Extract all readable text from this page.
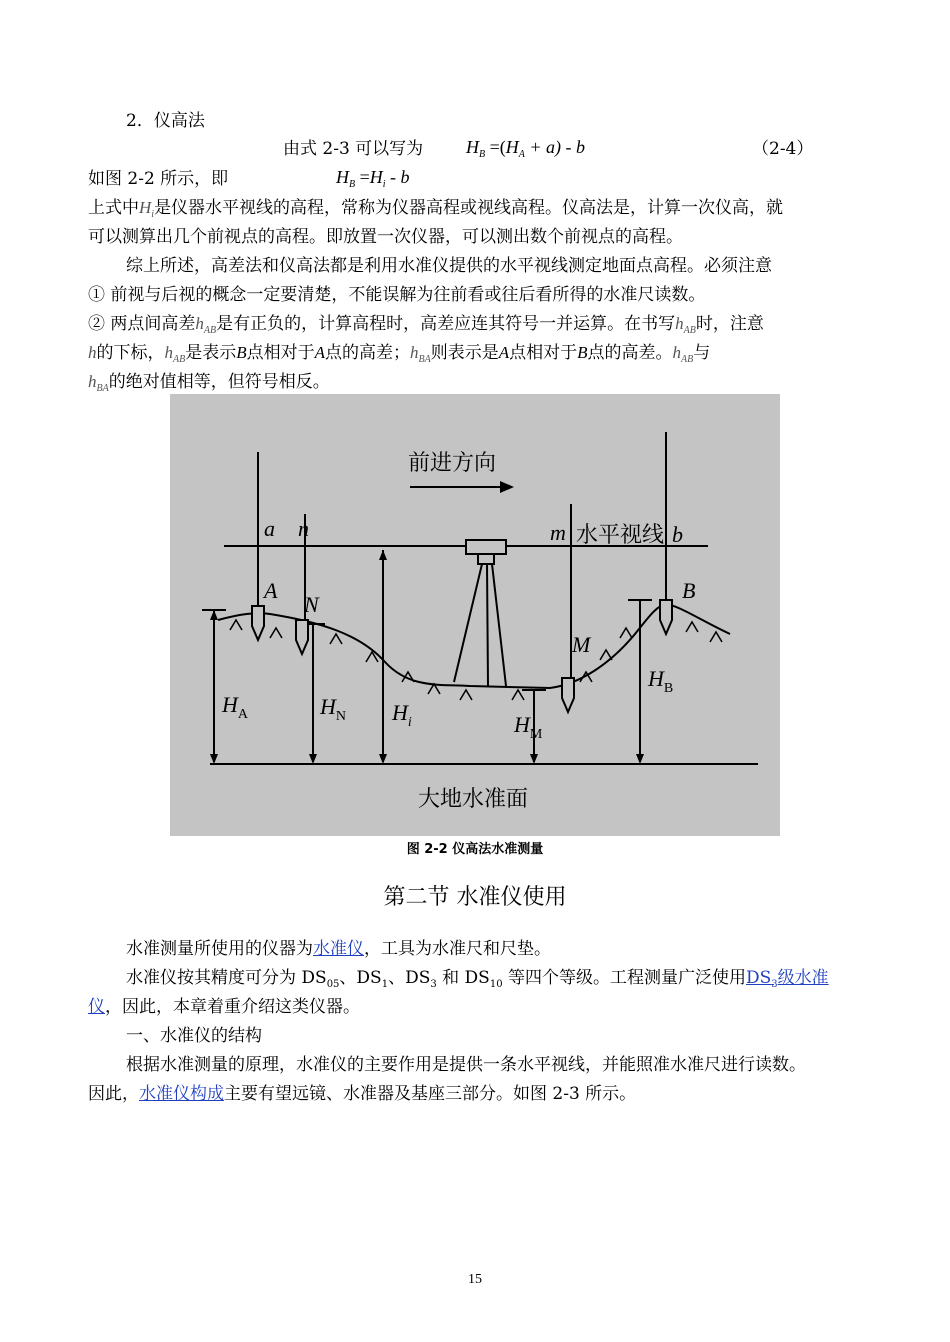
2．仪高法
由式 2-3 可以写为 $H_B =(H_A + a) - b$	（2-4）
如图 2-2 所示，即	$H_B =H_i - b$
上式中$H_i$是仪器水平视线的高程，常称为仪器高程或视线高程。仪高法是，计算一次仪高，就
可以测算出几个前视点的高程。即放置一次仪器，可以测出数个前视点的高程。
综上所述，高差法和仪高法都是利用水准仪提供的水平视线测定地面点高程。必须注意
① 前视与后视的概念一定要清楚，不能误解为往前看或往后看所得的水准尺读数。
② 两点间高差$h_{AB}$是有正负的，计算高程时，高差应连其符号一并运算。在书写$h_{AB}$时，注意
h的下标，$h_{AB}$是表示B点相对于A点的高差；$h_{BA}$则表示是A点相对于B点的高差。$h_{AB}$与
$h_{BA}$的绝对值相等，但符号相反。
前进方向
水平视线
大地水准面
a n	m	b
A
N
M
B
$H_A$	$H_N$ $H_i$	$H_M$
$H_B$
图 2-2 仪高法水准测量
第二节 水准仪使用
水准测量所使用的仪器为水准仪，工具为水准尺和尺垫。
水准仪按其精度可分为 $DS_{05}$、$DS_1$、$DS_3$ 和 $DS_{10}$ 等四个等级。工程测量广泛使用$DS_3$级水准
仪，因此，本章着重介绍这类仪器。
一、水准仪的结构
根据水准测量的原理，水准仪的主要作用是提供一条水平视线，并能照准水准尺进行读数。
因此，水准仪构成主要有望远镜、水准器及基座三部分。如图 2-3 所示。
15
